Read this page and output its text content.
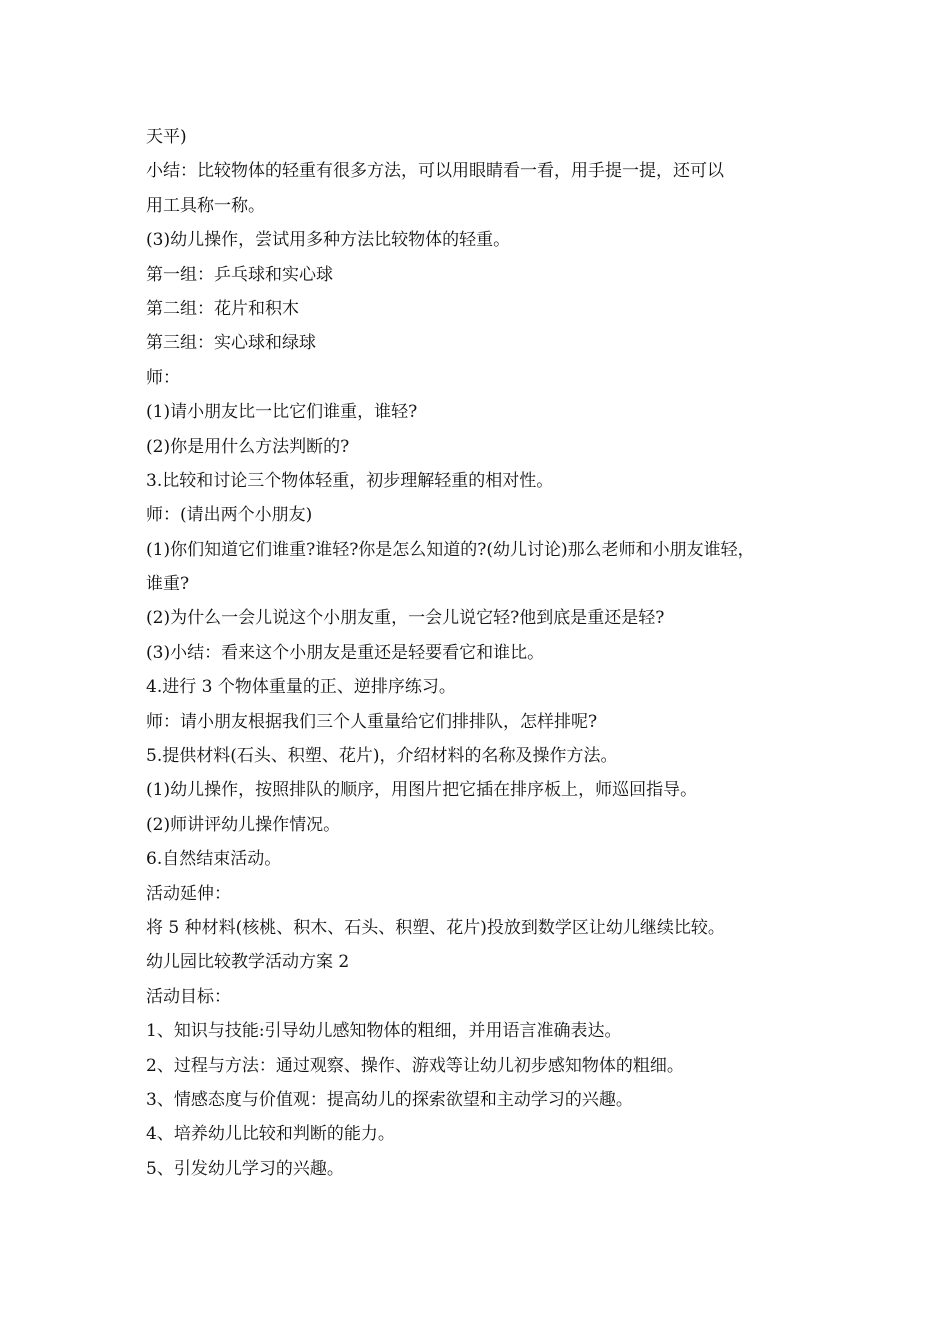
天平)
小结：比较物体的轻重有很多方法，可以用眼睛看一看，用手提一提，还可以
用工具称一称。
(3)幼儿操作，尝试用多种方法比较物体的轻重。
第一组：乒乓球和实心球
第二组：花片和积木
第三组：实心球和绿球
师：
(1)请小朋友比一比它们谁重，谁轻?
(2)你是用什么方法判断的?
3.比较和讨论三个物体轻重，初步理解轻重的相对性。
师：(请出两个小朋友)
(1)你们知道它们谁重?谁轻?你是怎么知道的?(幼儿讨论)那么老师和小朋友谁轻，
谁重?
(2)为什么一会儿说这个小朋友重，一会儿说它轻?他到底是重还是轻?
(3)小结：看来这个小朋友是重还是轻要看它和谁比。
4.进行 3 个物体重量的正、逆排序练习。
师：请小朋友根据我们三个人重量给它们排排队，怎样排呢?
5.提供材料(石头、积塑、花片)，介绍材料的名称及操作方法。
(1)幼儿操作，按照排队的顺序，用图片把它插在排序板上，师巡回指导。
(2)师讲评幼儿操作情况。
6.自然结束活动。
活动延伸：
将 5 种材料(核桃、积木、石头、积塑、花片)投放到数学区让幼儿继续比较。
幼儿园比较教学活动方案 2
活动目标：
1、知识与技能:引导幼儿感知物体的粗细，并用语言准确表达。
2、过程与方法：通过观察、操作、游戏等让幼儿初步感知物体的粗细。
3、情感态度与价值观：提高幼儿的探索欲望和主动学习的兴趣。
4、培养幼儿比较和判断的能力。
5、引发幼儿学习的兴趣。
